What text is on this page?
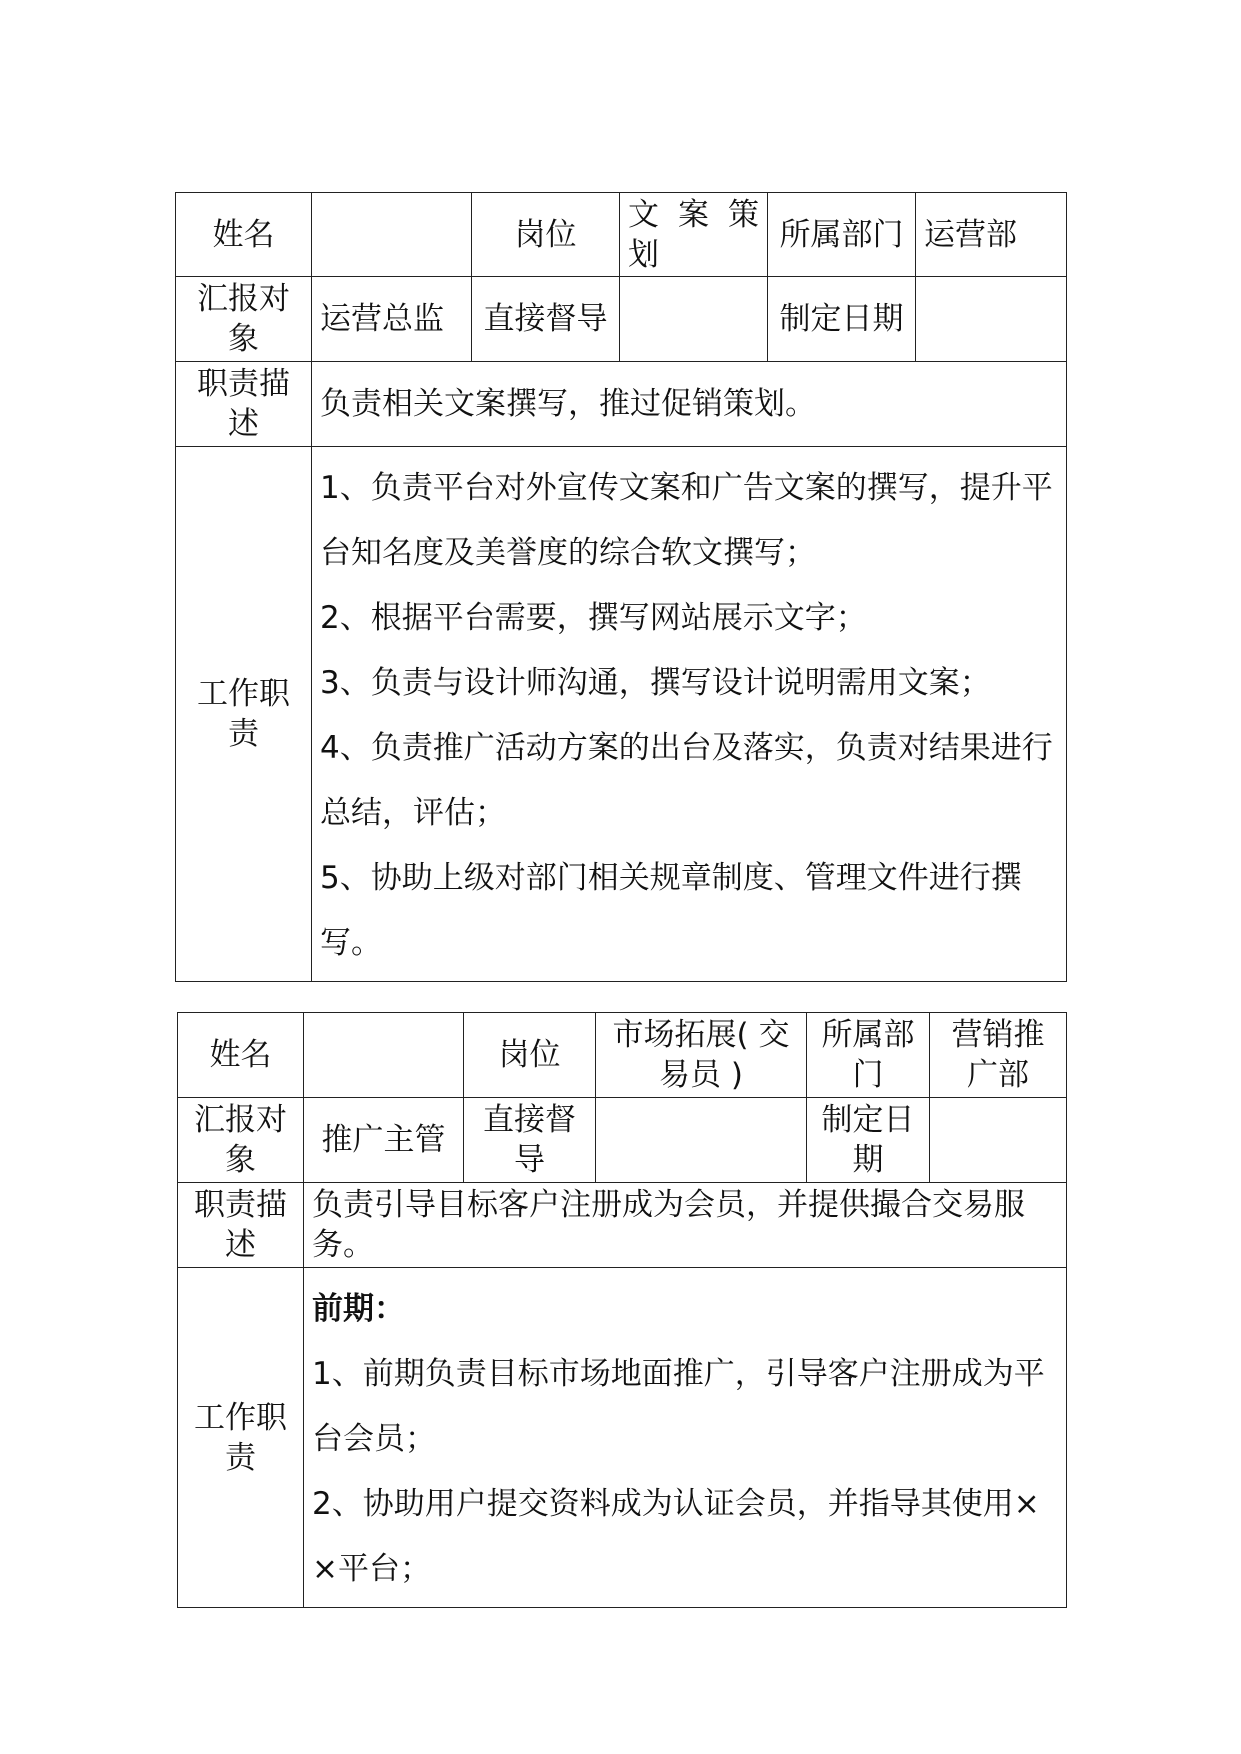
姓名		岗位	文 案 策划	所属部门	运营部
汇报对象	运营总监	直接督导		制定日期	
职责描述	负责相关文案撰写，推过促销策划。				
工作职责	1、负责平台对外宣传文案和广告文案的撰写，提升平台知名度及美誉度的综合软文撰写；
2、根据平台需要，撰写网站展示文字；
3、负责与设计师沟通，撰写设计说明需用文案；
4、负责推广活动方案的出台及落实，负责对结果进行总结，评估；
5、协助上级对部门相关规章制度、管理文件进行撰写。				
姓名		岗位	市场拓展( 交易员 )	所属部门	营销推广部
汇报对象	推广主管	直接督导		制定日期	
职责描述	负责引导目标客户注册成为会员，并提供撮合交易服务。				
工作职责	前期：
1、前期负责目标市场地面推广，引导客户注册成为平台会员；
2、协助用户提交资料成为认证会员，并指导其使用××平台；				
